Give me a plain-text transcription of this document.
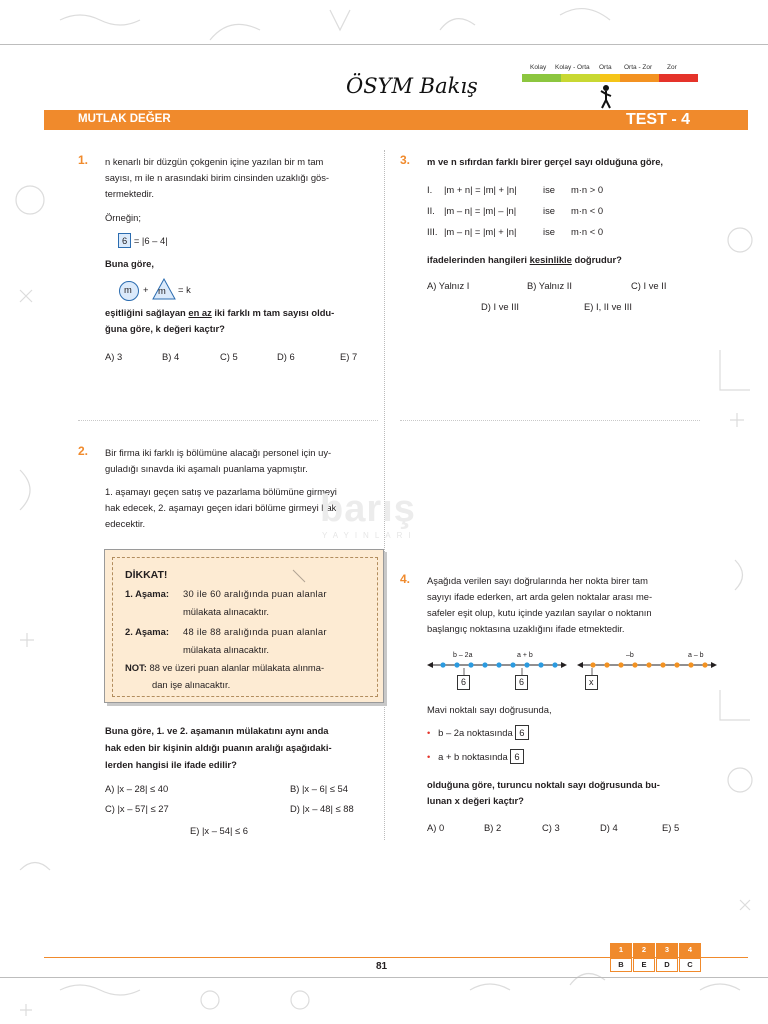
ÖSYM Bakış
Kolay Kolay - Orta Orta Orta - Zor Zor
MUTLAK DEĞER	TEST - 4
1. n kenarlı bir düzgün çokgenin içine yazılan bir m tam
sayısı, m ile n arasındaki birim cinsinden uzaklığı gös-
termektedir.
Örneğin;
6 = |6 – 4|
Buna göre,
m + m = k
eşitliğini sağlayan en az iki farklı m tam sayısı oldu-
ğuna göre, k değeri kaçtır?
A) 3	B) 4	C) 5	D) 6	E) 7
2. Bir firma iki farklı iş bölümüne alacağı personel için uy-
guladığı sınavda iki aşamalı puanlama yapmıştır.
1. aşamayı geçen satış ve pazarlama bölümüne girmeyi
hak edecek, 2. aşamayı geçen idari bölüme girmeyi hak
edecektir.	barış
YAYINLARI
DİKKAT!
1. Aşama: 30 ile 60 aralığında puan alanlar
mülakata alınacaktır.
2. Aşama: 48 ile 88 aralığında puan alanlar
mülakata alınacaktır.
NOT: 88 ve üzeri puan alanlar mülakata alınma-
dan işe alınacaktır.
Buna göre, 1. ve 2. aşamanın mülakatını aynı anda
hak eden bir kişinin aldığı puanın aralığı aşağıdaki-
lerden hangisi ile ifade edilir?
A) |x – 28| ≤ 40	B) |x – 6| ≤ 54
C) |x – 57| ≤ 27	D) |x – 48| ≤ 88
E) |x – 54| ≤ 6
3. m ve n sıfırdan farklı birer gerçel sayı olduğuna göre,
I. |m + n| = |m| + |n|	ise m·n > 0
II. |m – n| = |m| – |n|	ise m·n < 0
III. |m – n| = |m| + |n|	ise m·n < 0
ifadelerinden hangileri kesinlikle doğrudur?
A) Yalnız I	B) Yalnız II	C) I ve II
D) I ve III	E) I, II ve III
4. Aşağıda verilen sayı doğrularında her nokta birer tam
sayıyı ifade ederken, art arda gelen noktalar arası me-
safeler eşit olup, kutu içinde yazılan sayılar o noktanın
başlangıç noktasına uzaklığını ifade etmektedir.
b – 2a	a + b	–b	a – b
6	6	x
Mavi noktalı sayı doğrusunda,
• b – 2a noktasında 6
• a + b noktasında 6
olduğuna göre, turuncu noktalı sayı doğrusunda bu-
lunan x değeri kaçtır?
A) 0	B) 2	C) 3	D) 4	E) 5
1	2	3	4
B	E	D	C
81
